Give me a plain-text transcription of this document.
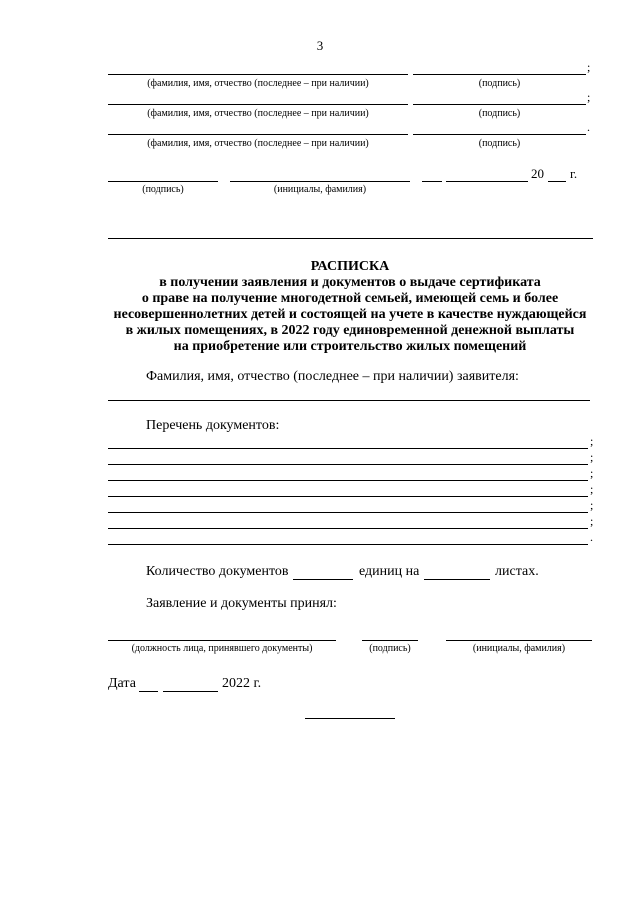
3
;
(фамилия, имя, отчество (последнее – при наличии)	(подпись)
;
(фамилия, имя, отчество (последнее – при наличии)	(подпись)
.
(фамилия, имя, отчество (последнее – при наличии)	(подпись)
20 г.
(подпись)	(инициалы, фамилия)
РАСПИСКА
в получении заявления и документов о выдаче сертификата
о праве на получение многодетной семьей, имеющей семь и более
несовершеннолетних детей и состоящей на учете в качестве нуждающейся
в жилых помещениях, в 2022 году единовременной денежной выплаты
на приобретение или строительство жилых помещений
Фамилия, имя, отчество (последнее – при наличии) заявителя:
Перечень документов:
;
;
;
;
;
;
.
Количество документов	единиц на	листах.
Заявление и документы принял:
(должность лица, принявшего документы)	(подпись)	(инициалы, фамилия)
Дата	2022 г.
